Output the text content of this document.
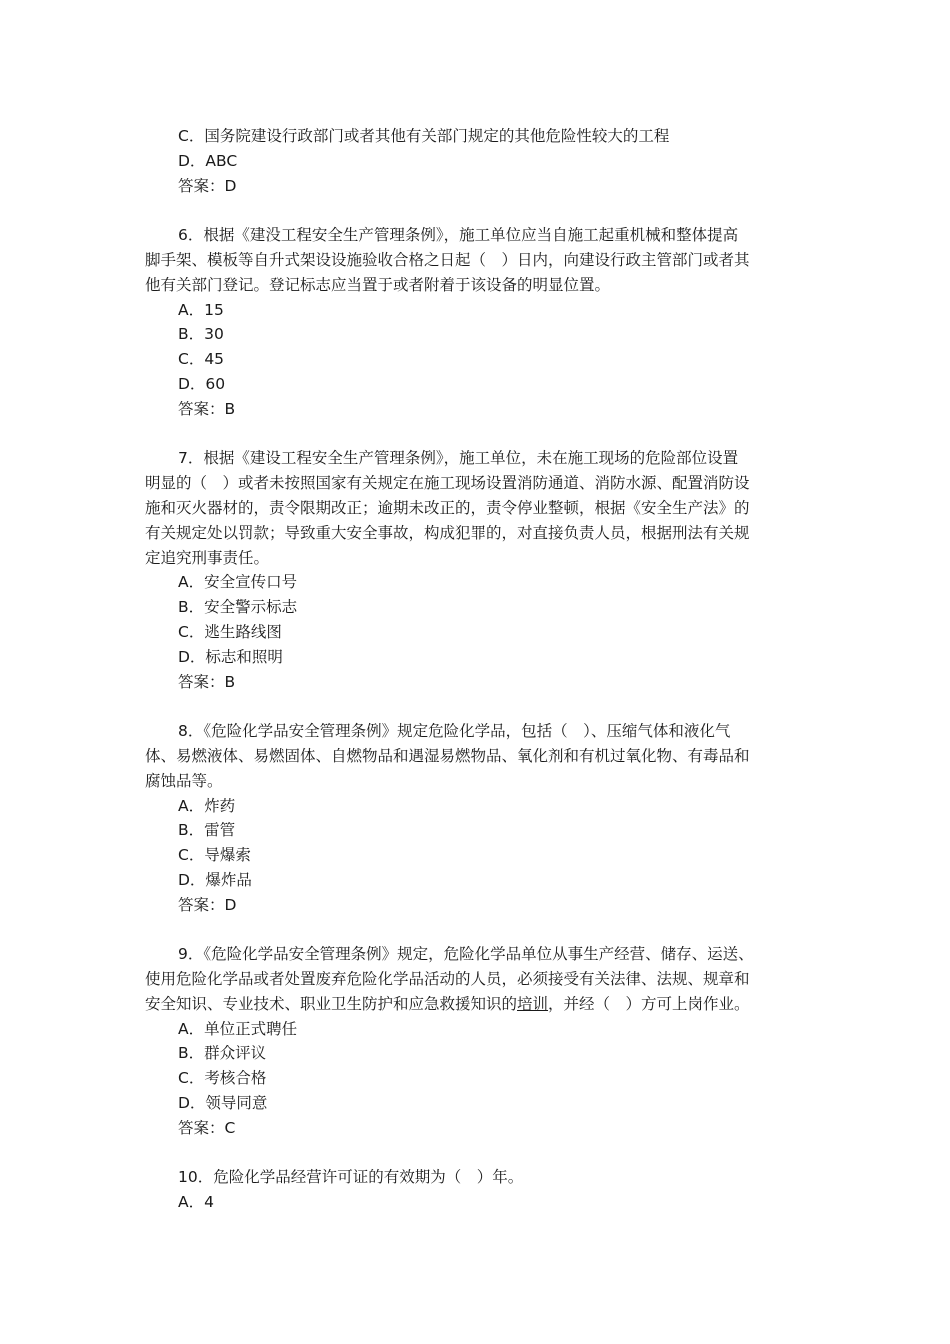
C．国务院建设行政部门或者其他有关部门规定的其他危险性较大的工程
D．ABC
答案：D
6．根据《建没工程安全生产管理条例》，施工单位应当自施工起重机械和整体提高
脚手架、模板等自升式架设设施验收合格之日起（　）日内，向建设行政主管部门或者其
他有关部门登记。登记标志应当置于或者附着于该设备的明显位置。
A．15
B．30
C．45
D．60
答案：B
7．根据《建设工程安全生产管理条例》，施工单位，未在施工现场的危险部位设置
明显的（　）或者未按照国家有关规定在施工现场设置消防通道、消防水源、配置消防设
施和灭火器材的，责令限期改正；逾期未改正的，责令停业整顿，根据《安全生产法》的
有关规定处以罚款；导致重大安全事故，构成犯罪的，对直接负责人员，根据刑法有关规
定追究刑事责任。
A．安全宣传口号
B．安全警示标志
C．逃生路线图
D．标志和照明
答案：B
8．《危险化学品安全管理条例》规定危险化学品，包括（　）、压缩气体和液化气
体、易燃液体、易燃固体、自燃物品和遇湿易燃物品、氧化剂和有机过氧化物、有毒品和
腐蚀品等。
A．炸药
B．雷管
C．导爆索
D．爆炸品
答案：D
9．《危险化学品安全管理条例》规定，危险化学品单位从事生产经营、储存、运送、
使用危险化学品或者处置废弃危险化学品活动的人员，必须接受有关法律、法规、规章和
安全知识、专业技术、职业卫生防护和应急救援知识的培训，并经（　）方可上岗作业。
A．单位正式聘任
B．群众评议
C．考核合格
D．领导同意
答案：C
10．危险化学品经营许可证的有效期为（　）年。
A．4
